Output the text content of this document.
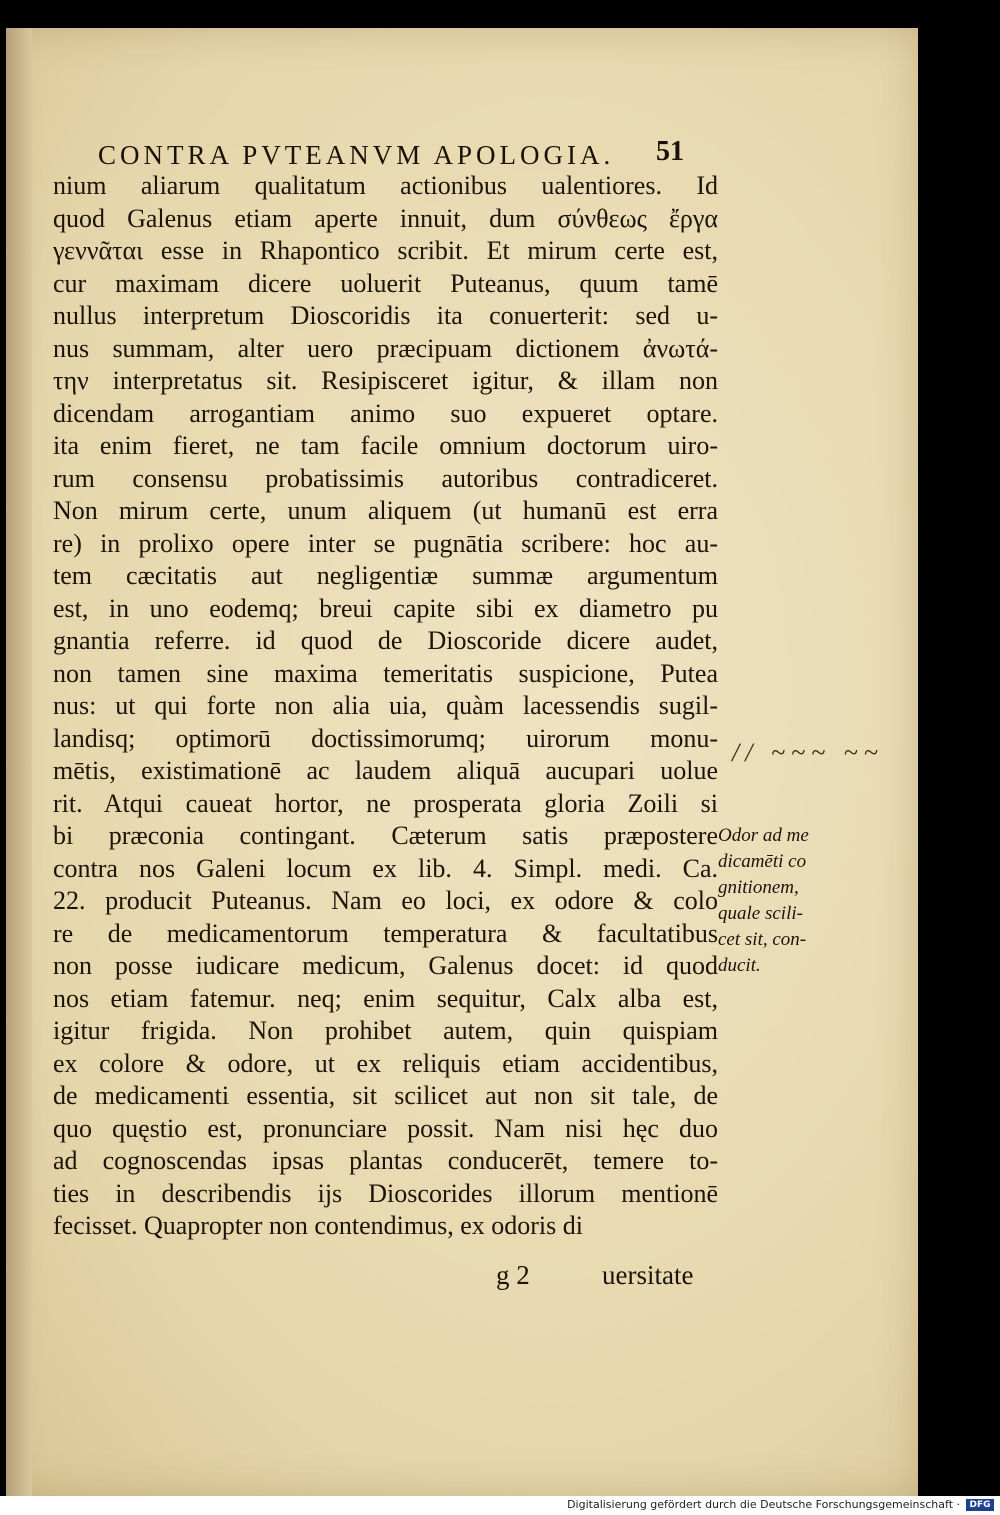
CONTRA PVTEANVM APOLOGIA.	51
nium aliarum qualitatum actionibus ualentiores. Id
quod Galenus etiam aperte innuit, dum σύνθεως ἔργα
γεννᾶται esse in Rhapontico scribit. Et mirum certe est,
cur maximam dicere uoluerit Puteanus, quum tamē
nullus interpretum Dioscoridis ita conuerterit: sed u-
nus summam, alter uero præcipuam dictionem ἀνωτά-
την interpretatus sit. Resipisceret igitur, & illam non
dicendam arrogantiam animo suo expueret optare.
ita enim fieret, ne tam facile omnium doctorum uiro-
rum consensu probatissimis autoribus contradiceret.
Non mirum certe, unum aliquem (ut humanū est erra
re) in prolixo opere inter se pugnātia scribere: hoc au-
tem cæcitatis aut negligentiæ summæ argumentum
est, in uno eodemq; breui capite sibi ex diametro pu
gnantia referre. id quod de Dioscoride dicere audet,
non tamen sine maxima temeritatis suspicione, Putea
nus: ut qui forte non alia uia, quàm lacessendis sugil-
landisq; optimorū doctissimorumq; uirorum monu-
mētis, existimationē ac laudem aliquā aucupari uolue
rit. Atqui caueat hortor, ne prosperata gloria Zoili si
bi præconia contingant. Cæterum satis præpostere
contra nos Galeni locum ex lib. 4. Simpl. medi. Ca.
22. producit Puteanus. Nam eo loci, ex odore & colo
re de medicamentorum temperatura & facultatibus
non posse iudicare medicum, Galenus docet: id quod
nos etiam fatemur. neq; enim sequitur, Calx alba est,
igitur frigida. Non prohibet autem, quin quispiam
ex colore & odore, ut ex reliquis etiam accidentibus,
de medicamenti essentia, sit scilicet aut non sit tale, de
quo quęstio est, pronunciare possit. Nam nisi hęc duo
ad cognoscendas ipsas plantas conducerēt, temere to-
ties in describendis ijs Dioscorides illorum mentionē
fecisset. Quapropter non contendimus, ex odoris di
// ~~~ ~~
Odor ad me
dicamēti co
gnitionem,
quale scili-
cet sit, con-
ducit.
g 2	uersitate
Digitalisierung gefördert durch die Deutsche Forschungsgemeinschaft ·	DFG
